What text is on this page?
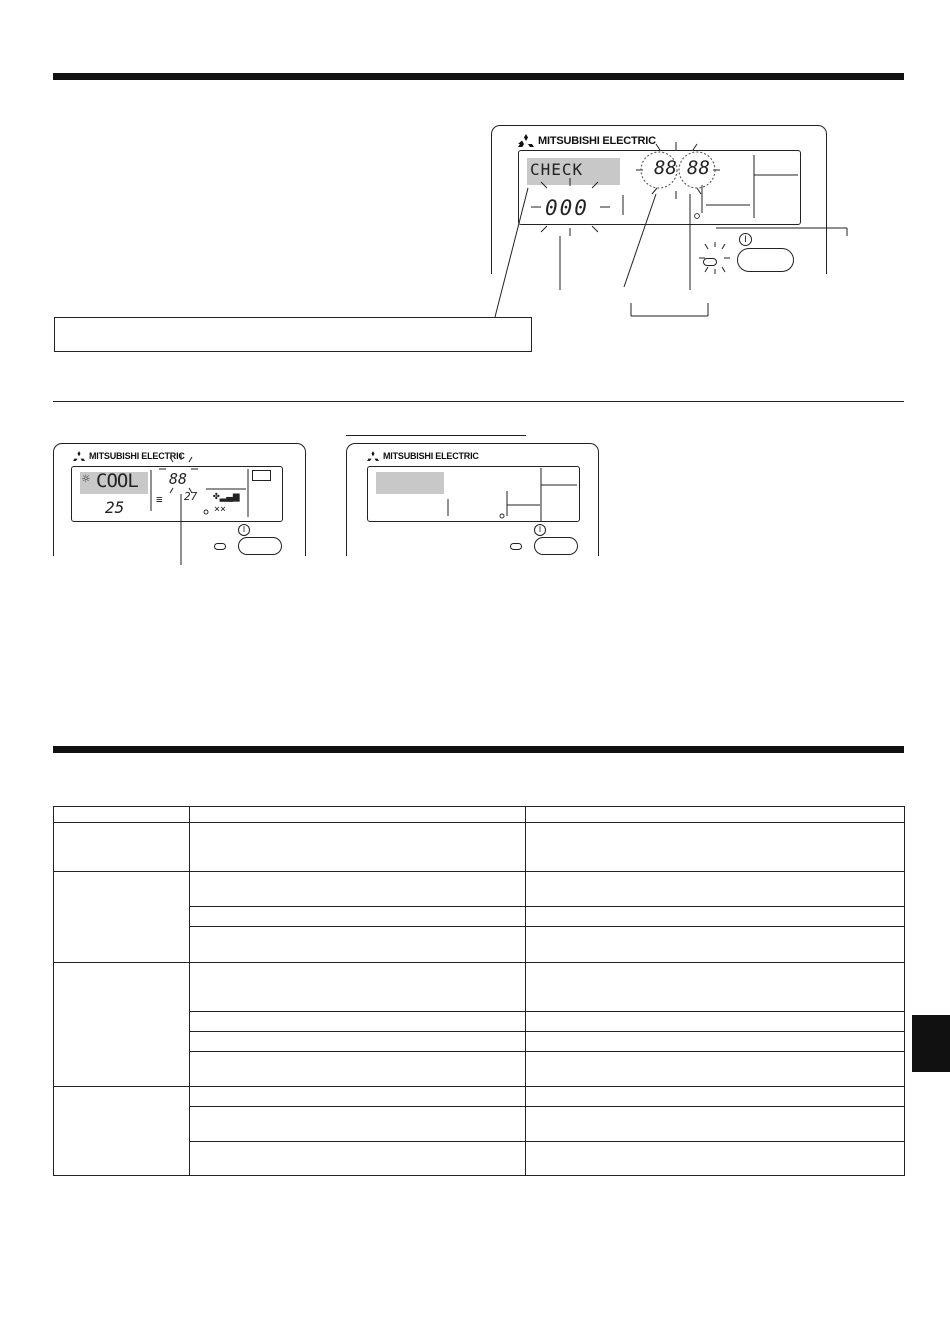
MITSUBISHI ELECTRIC
CHECK
000
88 88
I
MITSUBISHI ELECTRIC
☼ COOL
25
88
27
≡	✤▂▃▅
⨯⨯
I
MITSUBISHI ELECTRIC
I
